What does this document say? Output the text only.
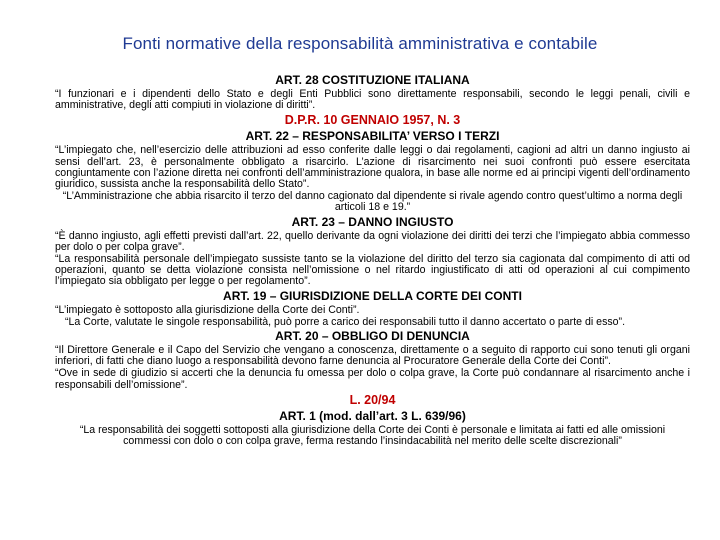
Fonti normative della responsabilità amministrativa e contabile
ART. 28 COSTITUZIONE ITALIANA
“I funzionari e i dipendenti dello Stato e degli Enti Pubblici sono direttamente responsabili, secondo le leggi penali, civili e amministrative, degli atti compiuti in violazione di diritti”.
D.P.R. 10 GENNAIO 1957, N. 3
ART. 22 – RESPONSABILITA’ VERSO I TERZI
“L’impiegato che, nell’esercizio delle attribuzioni ad esso conferite dalle leggi o dai regolamenti, cagioni ad altri un danno ingiusto ai sensi dell’art. 23, è personalmente obbligato a risarcirlo. L’azione di risarcimento nei suoi confronti può essere esercitata congiuntamente con l’azione diretta nei confronti dell’amministrazione qualora, in base alle norme ed ai principi vigenti dell’ordinamento giuridico, sussista anche la responsabilità dello Stato”.
“L’Amministrazione che abbia risarcito il terzo del danno cagionato dal dipendente si rivale agendo contro quest’ultimo a norma degli articoli 18 e 19.”
ART. 23 – DANNO INGIUSTO
“È danno ingiusto, agli effetti previsti dall’art. 22, quello derivante da ogni violazione dei diritti dei terzi che l’impiegato abbia commesso per dolo o per colpa grave”.
“La responsabilità personale dell’impiegato sussiste tanto se la violazione del diritto del terzo sia cagionata dal compimento di atti od operazioni, quanto se detta violazione consista nell’omissione o nel ritardo ingiustificato di atti od operazioni al cui compimento l’impiegato sia obbligato per legge o per regolamento”.
ART. 19 – GIURISDIZIONE DELLA CORTE DEI CONTI
“L’impiegato è sottoposto alla giurisdizione della Corte dei Conti”.
“La Corte, valutate le singole responsabilità, può porre a carico dei responsabili tutto il danno accertato o parte di esso”.
ART. 20 – OBBLIGO DI DENUNCIA
“Il Direttore Generale e il Capo del Servizio che vengano a conoscenza, direttamente o a seguito di rapporto cui sono tenuti gli organi inferiori, di fatti che diano luogo a responsabilità devono farne denuncia al Procuratore Generale della Corte dei Conti”.
“Ove in sede di giudizio si accerti che la denuncia fu omessa per dolo o colpa grave, la Corte può condannare al risarcimento anche i responsabili dell’omissione”.
L. 20/94
ART. 1 (mod. dall’art. 3 L. 639/96)
“La responsabilità dei soggetti sottoposti alla giurisdizione della Corte dei Conti è personale e limitata ai fatti ed alle omissioni commessi con dolo o con colpa grave, ferma restando l’insindacabilità nel merito delle scelte discrezionali”
